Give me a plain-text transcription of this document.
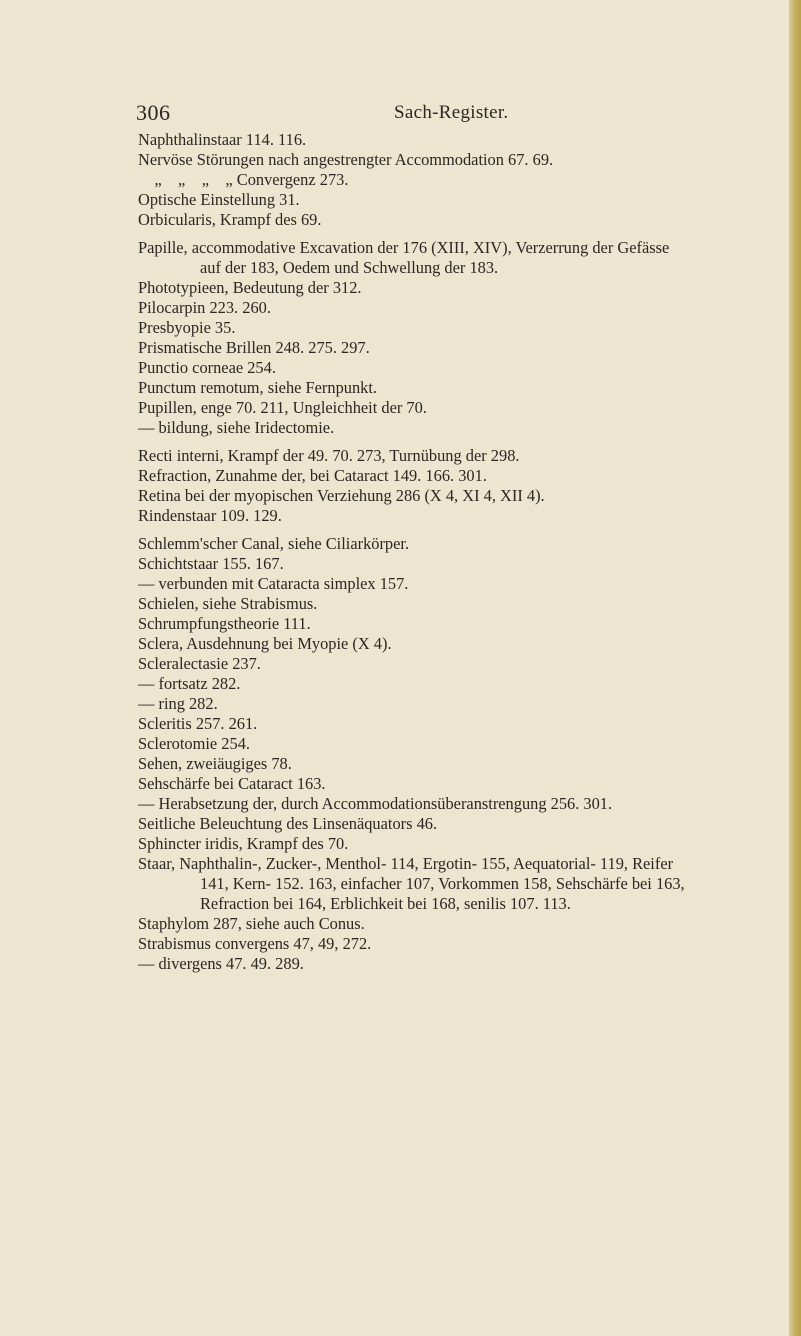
306	Sach-Register.
Naphthalinstaar 114. 116.
Nervöse Störungen nach angestrengter Accommodation 67. 69.
„    „    „    „ Convergenz 273.
Optische Einstellung 31.
Orbicularis, Krampf des 69.
Papille, accommodative Excavation der 176 (XIII, XIV), Verzerrung der Gefässe
auf der 183, Oedem und Schwellung der 183.
Phototypieen, Bedeutung der 312.
Pilocarpin 223. 260.
Presbyopie 35.
Prismatische Brillen 248. 275. 297.
Punctio corneae 254.
Punctum remotum, siehe Fernpunkt.
Pupillen, enge 70. 211, Ungleichheit der 70.
— bildung, siehe Iridectomie.
Recti interni, Krampf der 49. 70. 273, Turnübung der 298.
Refraction, Zunahme der, bei Cataract 149. 166. 301.
Retina bei der myopischen Verziehung 286 (X 4, XI 4, XII 4).
Rindenstaar 109. 129.
Schlemm'scher Canal, siehe Ciliarkörper.
Schichtstaar 155. 167.
— verbunden mit Cataracta simplex 157.
Schielen, siehe Strabismus.
Schrumpfungstheorie 111.
Sclera, Ausdehnung bei Myopie (X 4).
Scleralectasie 237.
— fortsatz 282.
— ring 282.
Scleritis 257. 261.
Sclerotomie 254.
Sehen, zweiäugiges 78.
Sehschärfe bei Cataract 163.
— Herabsetzung der, durch Accommodationsüberanstrengung 256. 301.
Seitliche Beleuchtung des Linsenäquators 46.
Sphincter iridis, Krampf des 70.
Staar, Naphthalin-, Zucker-, Menthol- 114, Ergotin- 155, Aequatorial- 119, Reifer
141, Kern- 152. 163, einfacher 107, Vorkommen 158, Sehschärfe bei 163,
Refraction bei 164, Erblichkeit bei 168, senilis 107. 113.
Staphylom 287, siehe auch Conus.
Strabismus convergens 47, 49, 272.
— divergens 47. 49. 289.
